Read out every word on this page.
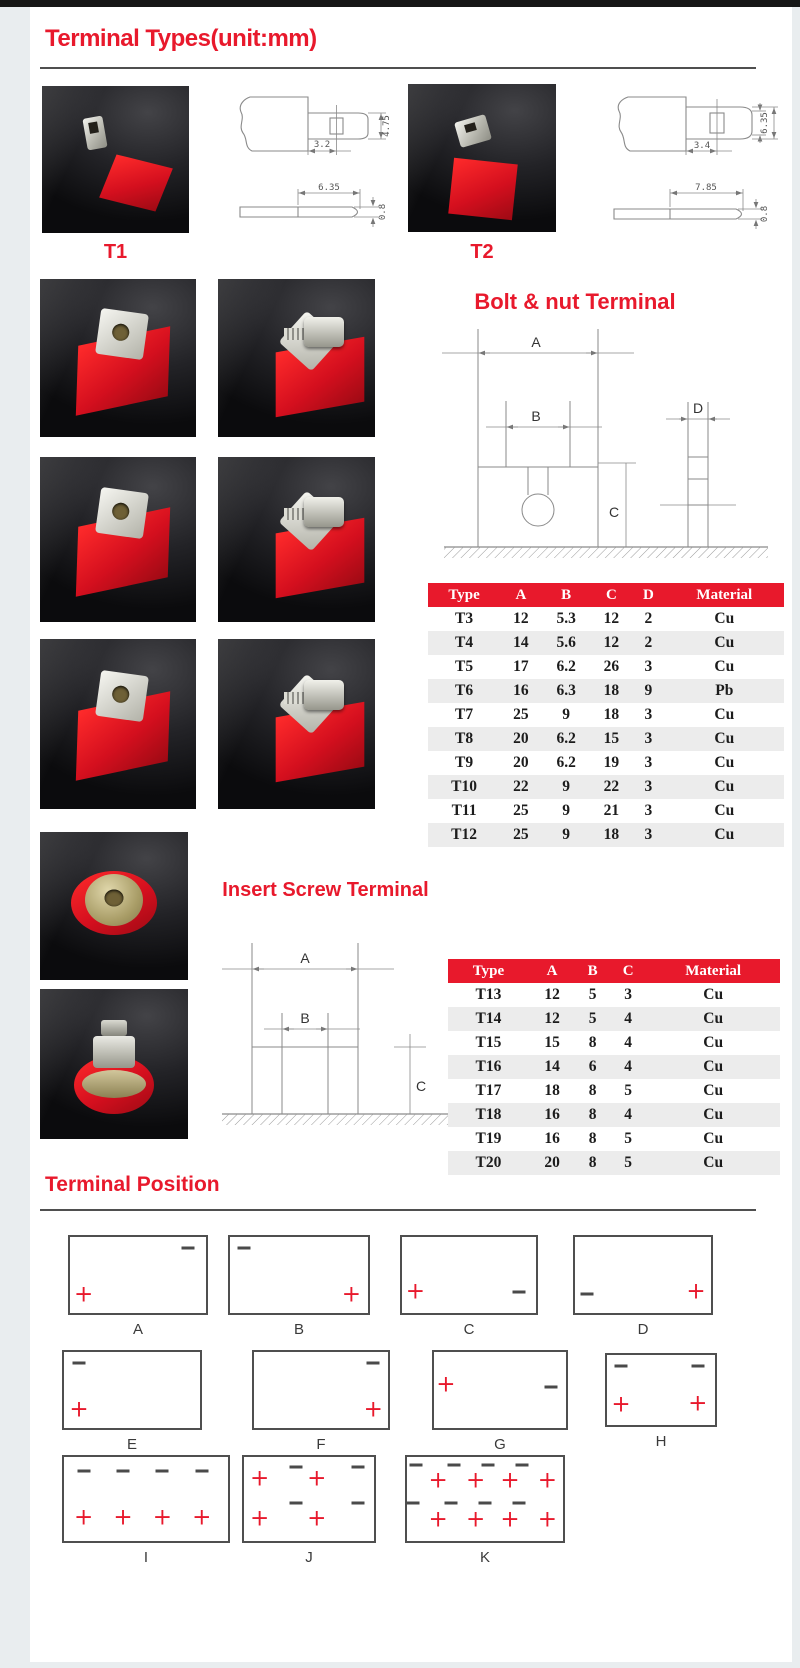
Terminal Types(unit:mm)
T1
4.75
3.2
6.35
0.8
T2
3.4
6.35
7.85
0.8
Bolt & nut Terminal
A
B
C
D
Type	A	B	C	D	Material
T3	12	5.3	12	2	Cu
T4	14	5.6	12	2	Cu
T5	17	6.2	26	3	Cu
T6	16	6.3	18	9	Pb
T7	25	9	18	3	Cu
T8	20	6.2	15	3	Cu
T9	20	6.2	19	3	Cu
T10	22	9	22	3	Cu
T11	25	9	21	3	Cu
T12	25	9	18	3	Cu
Insert Screw Terminal
A
B
C
Type	A	B	C	Material
T13	12	5	3	Cu
T14	12	5	4	Cu
T15	15	8	4	Cu
T16	14	6	4	Cu
T17	18	8	5	Cu
T18	16	8	4	Cu
T19	16	8	5	Cu
T20	20	8	5	Cu
Terminal Position
+
A
+
B
+
C
+
D
+
E
+
F
+
G
+ +
H
+ + + +
I
+ +
+ +
J
+ + + +
+ + + +
K
